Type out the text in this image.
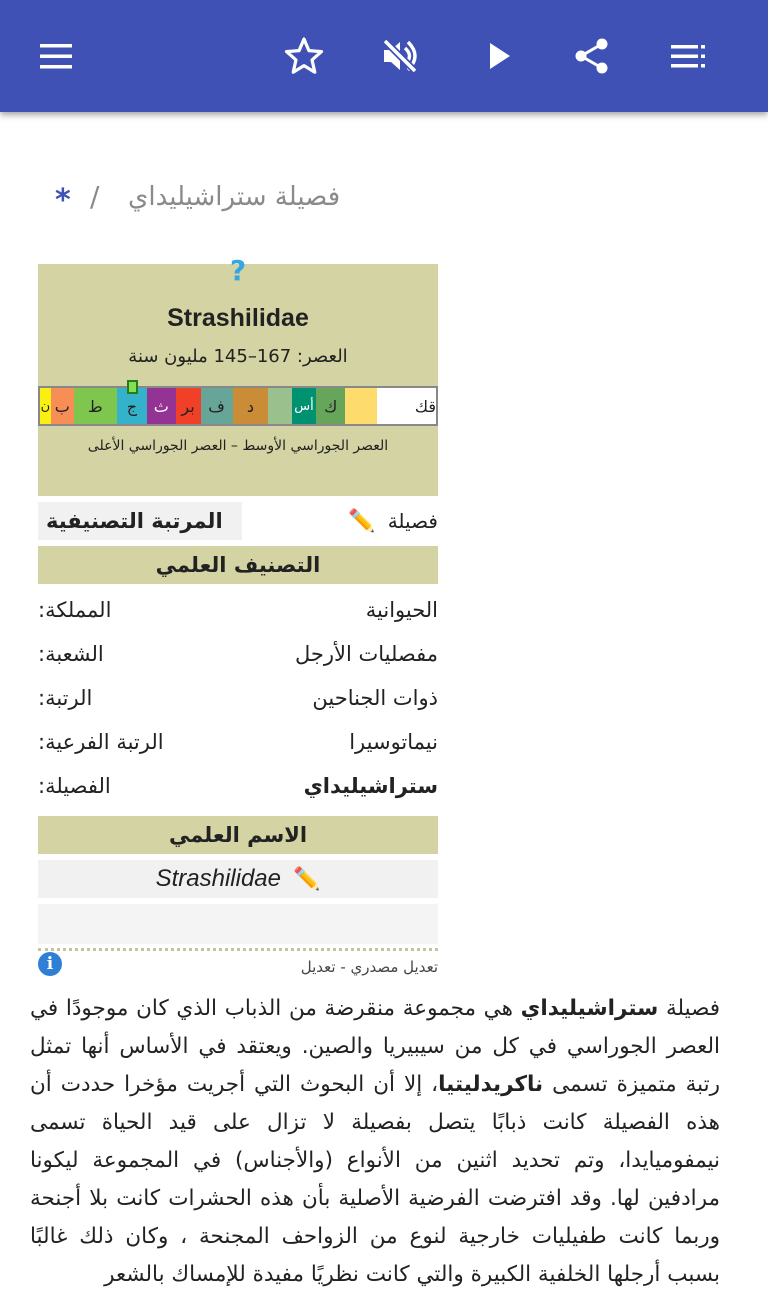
* / فصيلة ستراشيليداي
?
Strashilidae
العصر: 167–145 مليون سنة
قك
ك
أس
د
ف
بر
ث
ج
ط
ب
ن
العصر الجوراسي الأوسط – العصر الجوراسي الأعلى
فصيلة
✏️
المرتبة التصنيفية
التصنيف العلمي
الحيوانية
المملكة:
مفصليات الأرجل
الشعبة:
ذوات الجناحين
الرتبة:
نيماتوسيرا
الرتبة الفرعية:
ستراشيلیداي
الفصيلة:
الاسم العلمي
✏️
Strashilidae
i	تعديل مصدري - تعديل
فصيلة ستراشيليداي هي مجموعة منقرضة من الذباب الذي كان موجودًا في العصر الجوراسي في كل من سيبيريا والصين. ويعتقد في الأساس أنها تمثل رتبة متميزة تسمى ناكريدليتيا، إلا أن البحوث التي أجريت مؤخرا حددت أن هذه الفصيلة كانت ذبابًا يتصل بفصيلة لا تزال على قيد الحياة تسمى نيمفوميايدا، وتم تحديد اثنين من الأنواع (والأجناس) في المجموعة ليكونا مرادفين لها. وقد افترضت الفرضية الأصلية بأن هذه الحشرات كانت بلا أجنحة وربما كانت طفيليات خارجية لنوع من الزواحف المجنحة ، وكان ذلك غالبًا بسبب أرجلها الخلفية الكبيرة والتي كانت نظريًا مفيدة للإمساك بالشعر
